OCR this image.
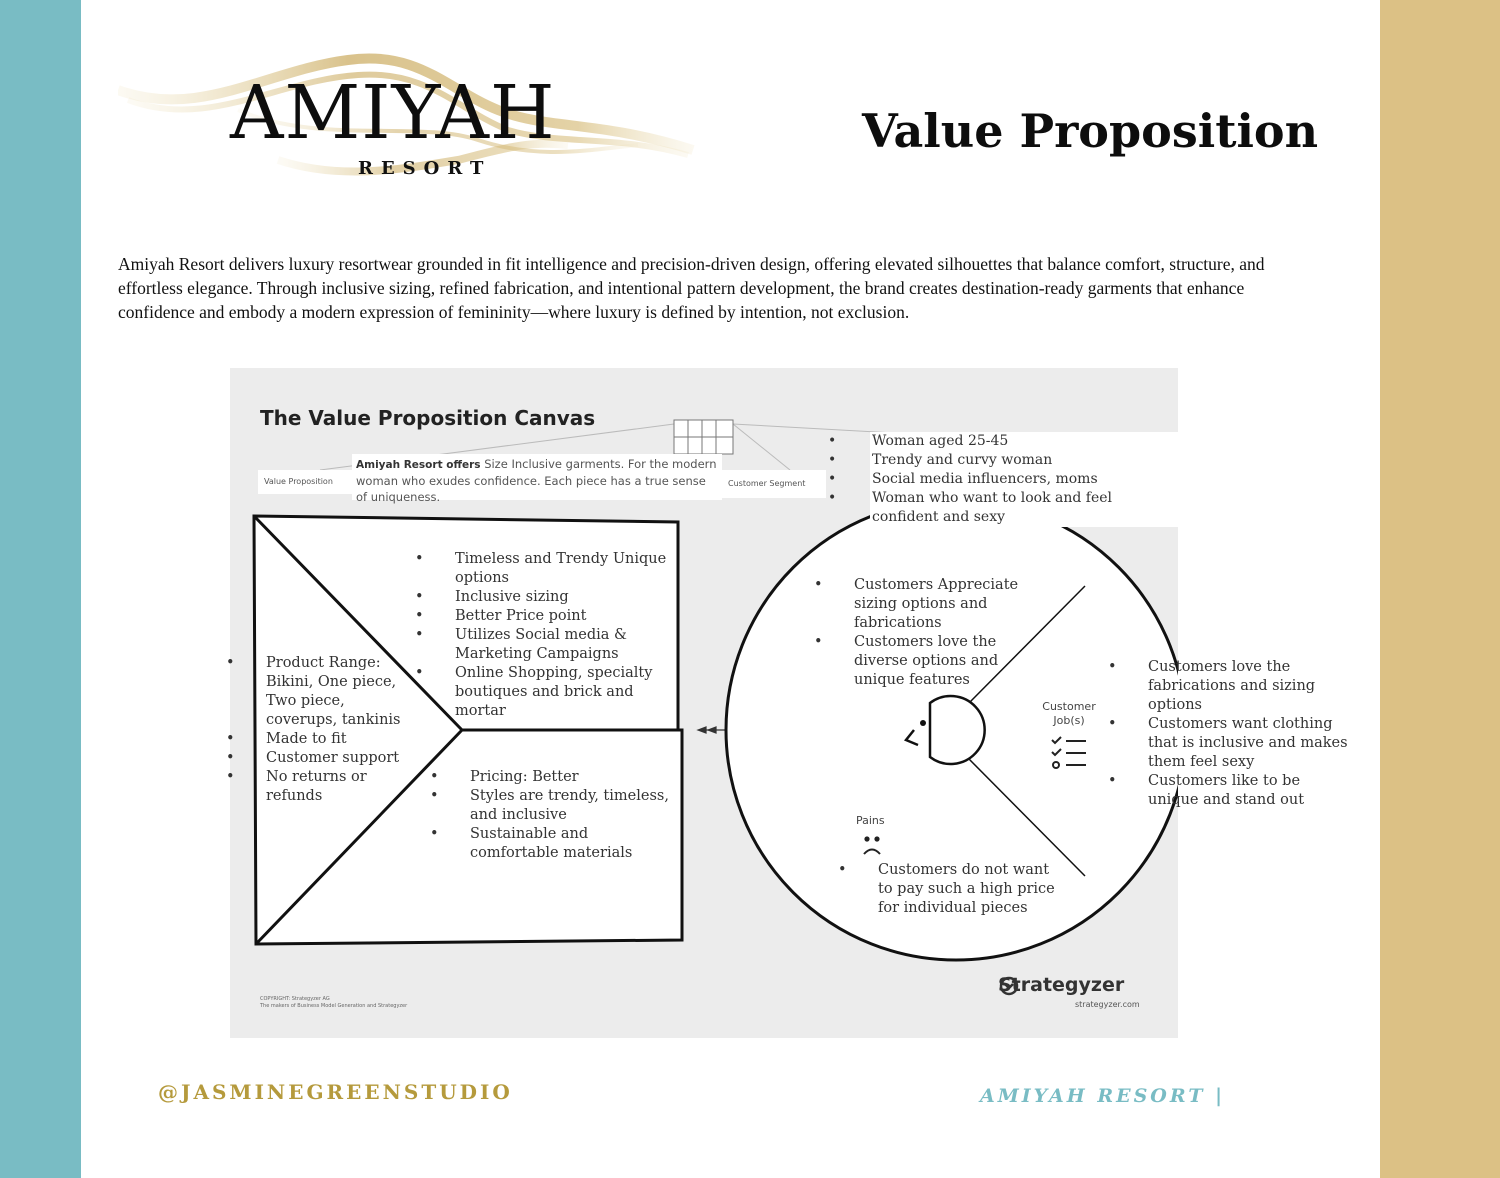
AMIYAH
RESORT
Value Proposition

Amiyah Resort delivers luxury resortwear grounded in fit intelligence and precision-driven design, offering elevated silhouettes that balance comfort, structure, and effortless elegance. Through inclusive sizing, refined fabrication, and intentional pattern development, the brand creates destination-ready garments that enhance confidence and embody a modern expression of femininity—where luxury is defined by intention, not exclusion.

The Value Proposition Canvas
Value Proposition
Amiyah Resort offers Size Inclusive garments. For the modern woman who exudes confidence. Each piece has a true sense of uniqueness.
Customer Segment
• Woman aged 25-45
• Trendy and curvy woman
• Social media influencers, moms
• Woman who want to look and feel confident and sexy
• Timeless and Trendy Unique options
• Inclusive sizing
• Better Price point
• Utilizes Social media & Marketing Campaigns
• Online Shopping, specialty boutiques and brick and mortar
• Product Range: Bikini, One piece, Two piece, coverups, tankinis
• Made to fit
• Customer support
• No returns or refunds
• Pricing: Better
• Styles are trendy, timeless, and inclusive
• Sustainable and comfortable materials
• Customers Appreciate sizing options and fabrications
• Customers love the diverse options and unique features
Customer Job(s)
• Customers love the fabrications and sizing options
• Customers want clothing that is inclusive and makes them feel sexy
• Customers like to be unique and stand out
Pains
• Customers do not want to pay such a high price for individual pieces
Strategyzer
strategyzer.com
COPYRIGHT: Strategyzer AG
The makers of Business Model Generation and Strategyzer
@JASMINEGREENSTUDIO	AMIYAH RESORT |
